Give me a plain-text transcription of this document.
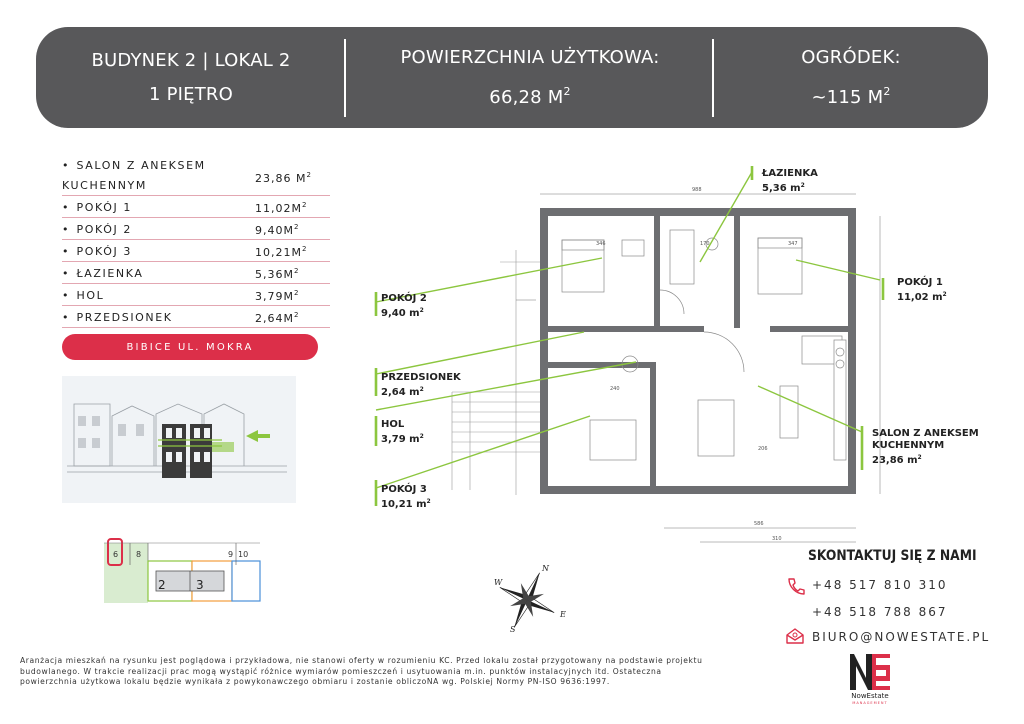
BUDYNEK 2 | LOKAL 2
1 PIĘTRO
POWIERZCHNIA UŻYTKOWA:
66,28 $M^2$
OGRÓDEK:
~115 $M^2$
• SALON Z ANEKSEM
KUCHENNYM
23,86 $M^2$
• POKÓJ 1	$11,02M^2$
• POKÓJ 2	$9,40M^2$
• POKÓJ 3	$10,21M^2$
• ŁAZIENKA	$5,36M^2$
• HOL	$3,79M^2$
• PRZEDSIONEK	$2,64M^2$
BIBICE UL. MOKRA
6 8
2	3
9 10
988
586
310
346	170	347
240
206
ŁAZIENKA
5,36 $m^2$
POKÓJ 1
11,02 $m^2$
POKÓJ 2
9,40 $m^2$
PRZEDSIONEK
2,64 $m^2$
HOL
3,79 $m^2$
POKÓJ 3
10,21 $m^2$
SALON Z ANEKSEM
KUCHENNYM
23,86 $m^2$
N
E
S
W
SKONTAKTUJ SIĘ Z NAMI
+48 517 810 310
+48 518 788 867
BIURO@NOWESTATE.PL
Aranżacja mieszkań na rysunku jest poglądowa i przykładowa, nie stanowi oferty w rozumieniu KC. Przed lokalu został przygotowany na podstawie projektu budowlanego. W trakcie realizacji prac mogą wystąpić różnice wymiarów pomieszczeń i usytuowania m.in. punktów instalacyjnych itd. Ostateczna powierzchnia użytkowa lokalu będzie wynikała z powykonawczego obmiaru i zostanie obliczoNA wg. Polskiej Normy PN-ISO 9636:1997.
NowEstate
MANAGEMENT
